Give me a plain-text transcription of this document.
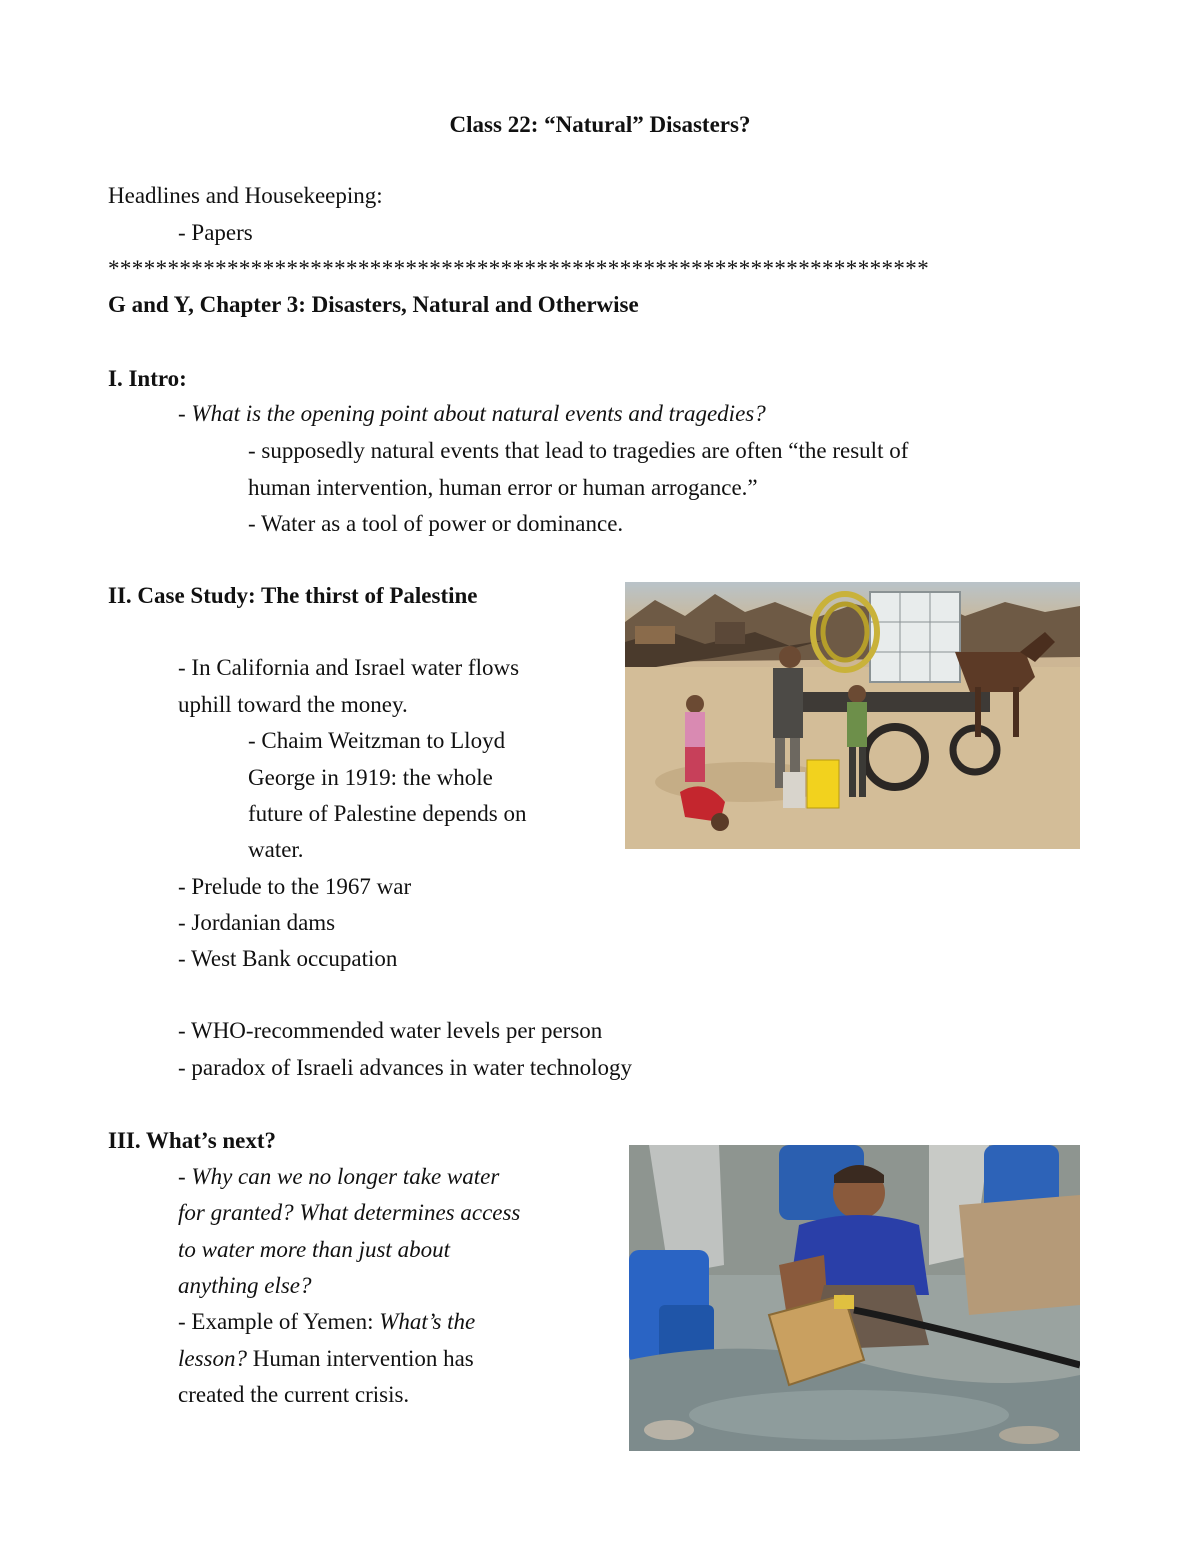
Class 22: “Natural” Disasters?
Headlines and Housekeeping:
- Papers
*********************************************************************
G and Y, Chapter 3: Disasters, Natural and Otherwise
I. Intro:
- What is the opening point about natural events and tragedies?
- supposedly natural events that lead to tragedies are often “the result of
human intervention, human error or human arrogance.”
- Water as a tool of power or dominance.
II. Case Study: The thirst of Palestine
- In California and Israel water flows
uphill toward the money.
- Chaim Weitzman to Lloyd
George in 1919: the whole
future of Palestine depends on
water.
- Prelude to the 1967 war
- Jordanian dams
- West Bank occupation
- WHO-recommended water levels per person
- paradox of Israeli advances in water technology
III. What’s next?
- Why can we no longer take water
for granted? What determines access
to water more than just about
anything else?
- Example of Yemen: What’s the
lesson? Human intervention has
created the current crisis.
